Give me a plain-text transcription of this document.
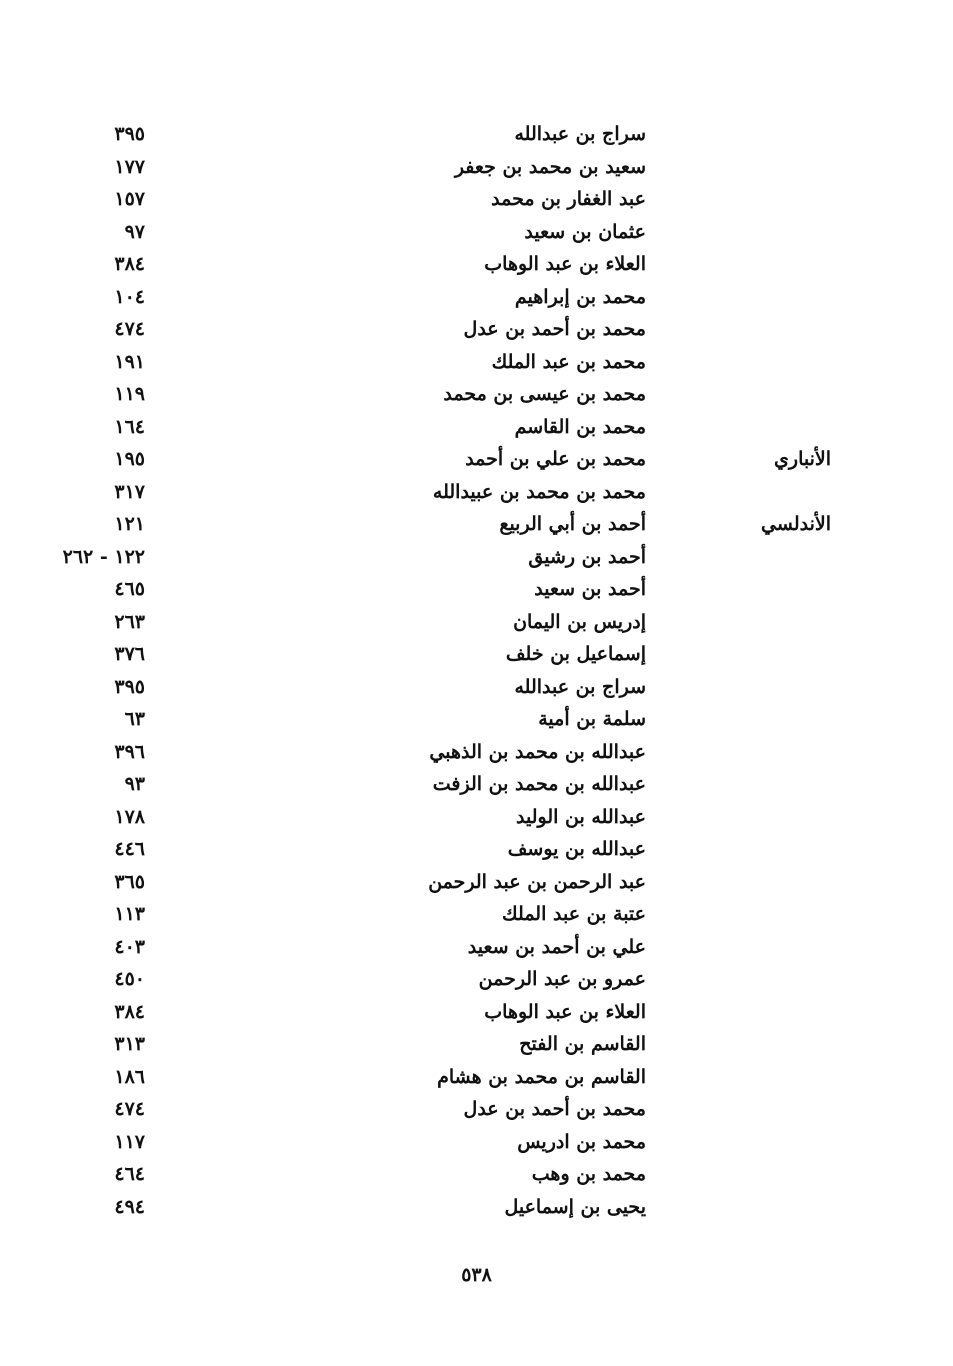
سراج بن عبدالله
٣٩٥
سعيد بن محمد بن جعفر
١٧٧
عبد الغفار بن محمد
١٥٧
عثمان بن سعيد
٩٧
العلاء بن عبد الوهاب
٣٨٤
محمد بن إبراهيم
١٠٤
محمد بن أحمد بن عدل
٤٧٤
محمد بن عبد الملك
١٩١
محمد بن عيسى بن محمد
١١٩
محمد بن القاسم
١٦٤
الأنباري
محمد بن علي بن أحمد
١٩٥
محمد بن محمد بن عبيدالله
٣١٧
الأندلسي
أحمد بن أبي الربيع
١٢١
أحمد بن رشيق
١٢٢ - ٢٦٢
أحمد بن سعيد
٤٦٥
إدريس بن اليمان
٢٦٣
إسماعيل بن خلف
٣٧٦
سراج بن عبدالله
٣٩٥
سلمة بن أمية
٦٣
عبدالله بن محمد بن الذهبي
٣٩٦
عبدالله بن محمد بن الزفت
٩٣
عبدالله بن الوليد
١٧٨
عبدالله بن يوسف
٤٤٦
عبد الرحمن بن عبد الرحمن
٣٦٥
عتبة بن عبد الملك
١١٣
علي بن أحمد بن سعيد
٤٠٣
عمرو بن عبد الرحمن
٤٥٠
العلاء بن عبد الوهاب
٣٨٤
القاسم بن الفتح
٣١٣
القاسم بن محمد بن هشام
١٨٦
محمد بن أحمد بن عدل
٤٧٤
محمد بن ادريس
١١٧
محمد بن وهب
٤٦٤
يحيى بن إسماعيل
٤٩٤
٥٣٨
